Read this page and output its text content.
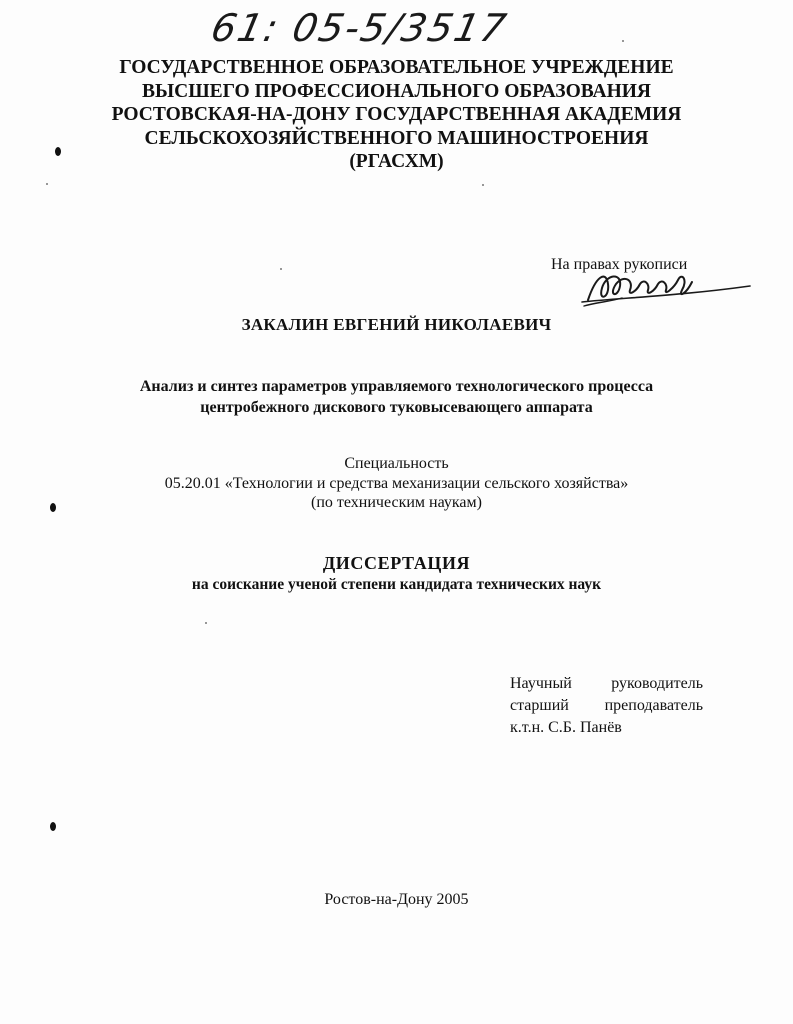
61: 05-5/3517
ГОСУДАРСТВЕННОЕ ОБРАЗОВАТЕЛЬНОЕ УЧРЕЖДЕНИЕ
ВЫСШЕГО ПРОФЕССИОНАЛЬНОГО ОБРАЗОВАНИЯ
РОСТОВСКАЯ-НА-ДОНУ ГОСУДАРСТВЕННАЯ АКАДЕМИЯ
СЕЛЬСКОХОЗЯЙСТВЕННОГО МАШИНОСТРОЕНИЯ
(РГАСХМ)
На правах рукописи
ЗАКАЛИН ЕВГЕНИЙ НИКОЛАЕВИЧ
Анализ и синтез параметров управляемого технологического процесса
центробежного дискового туковысевающего аппарата
Специальность
05.20.01 «Технологии и средства механизации сельского хозяйства»
(по техническим наукам)
ДИССЕРТАЦИЯ
на соискание ученой степени кандидата технических наук
Научный руководитель
старший преподаватель
к.т.н. С.Б. Панёв
Ростов-на-Дону 2005
